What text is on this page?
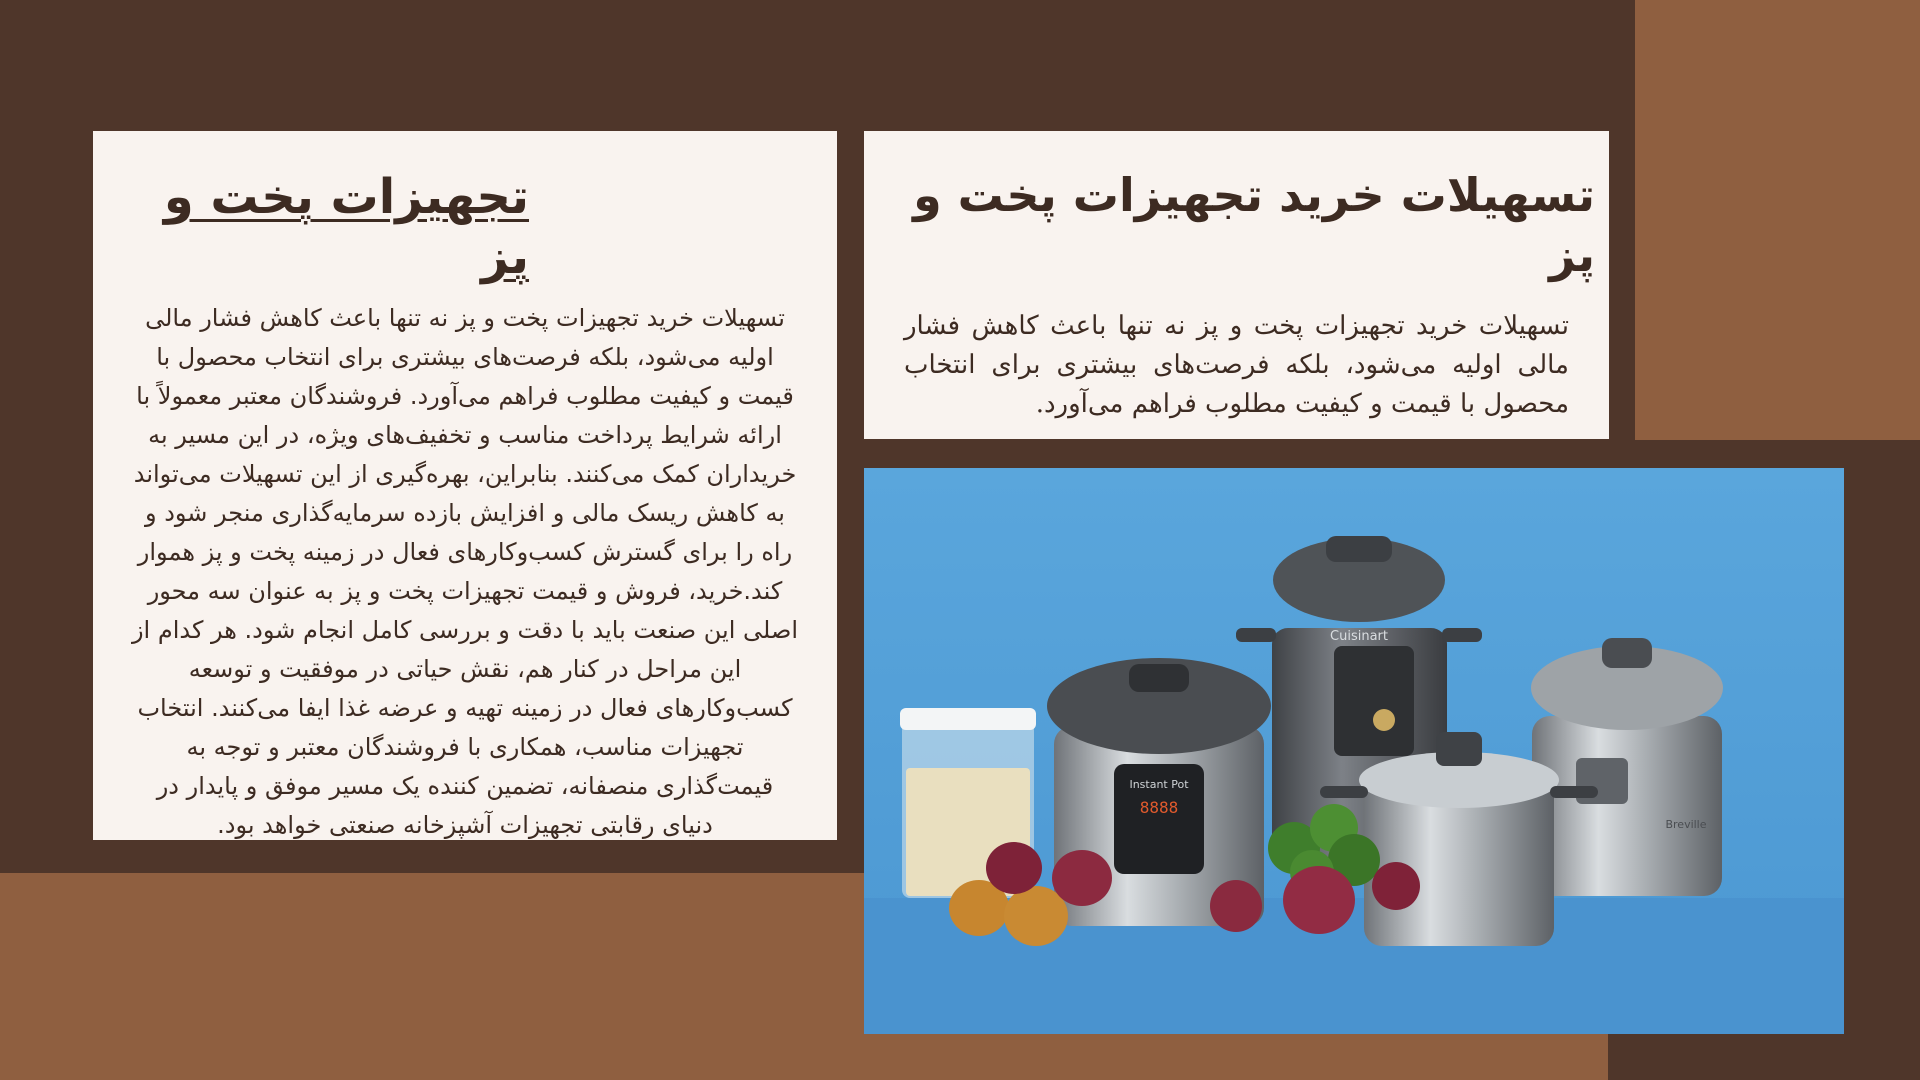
تجهیزات پخت و پز

تسهیلات خرید تجهیزات پخت و پز نه تنها باعث کاهش فشار مالی اولیه می‌شود، بلکه فرصت‌های بیشتری برای انتخاب محصول با قیمت و کیفیت مطلوب فراهم می‌آورد. فروشندگان معتبر معمولاً با ارائه شرایط پرداخت مناسب و تخفیف‌های ویژه، در این مسیر به خریداران کمک می‌کنند. بنابراین، بهره‌گیری از این تسهیلات می‌تواند به کاهش ریسک مالی و افزایش بازده سرمایه‌گذاری منجر شود و راه را برای گسترش کسب‌وکارهای فعال در زمینه پخت و پز هموار کند.خرید، فروش و قیمت تجهیزات پخت و پز به عنوان سه محور اصلی این صنعت باید با دقت و بررسی کامل انجام شود. هر کدام از این مراحل در کنار هم، نقش حیاتی در موفقیت و توسعه کسب‌وکارهای فعال در زمینه تهیه و عرضه غذا ایفا می‌کنند. انتخاب تجهیزات مناسب، همکاری با فروشندگان معتبر و توجه به قیمت‌گذاری منصفانه، تضمین کننده یک مسیر موفق و پایدار در دنیای رقابتی تجهیزات آشپزخانه صنعتی خواهد بود.

تسهیلات خرید تجهیزات پخت و پز

تسهیلات خرید تجهیزات پخت و پز نه تنها باعث کاهش فشار مالی اولیه می‌شود، بلکه فرصت‌های بیشتری برای انتخاب محصول با قیمت و کیفیت مطلوب فراهم می‌آورد.

Cuisinart
Breville
Instant Pot
8888
